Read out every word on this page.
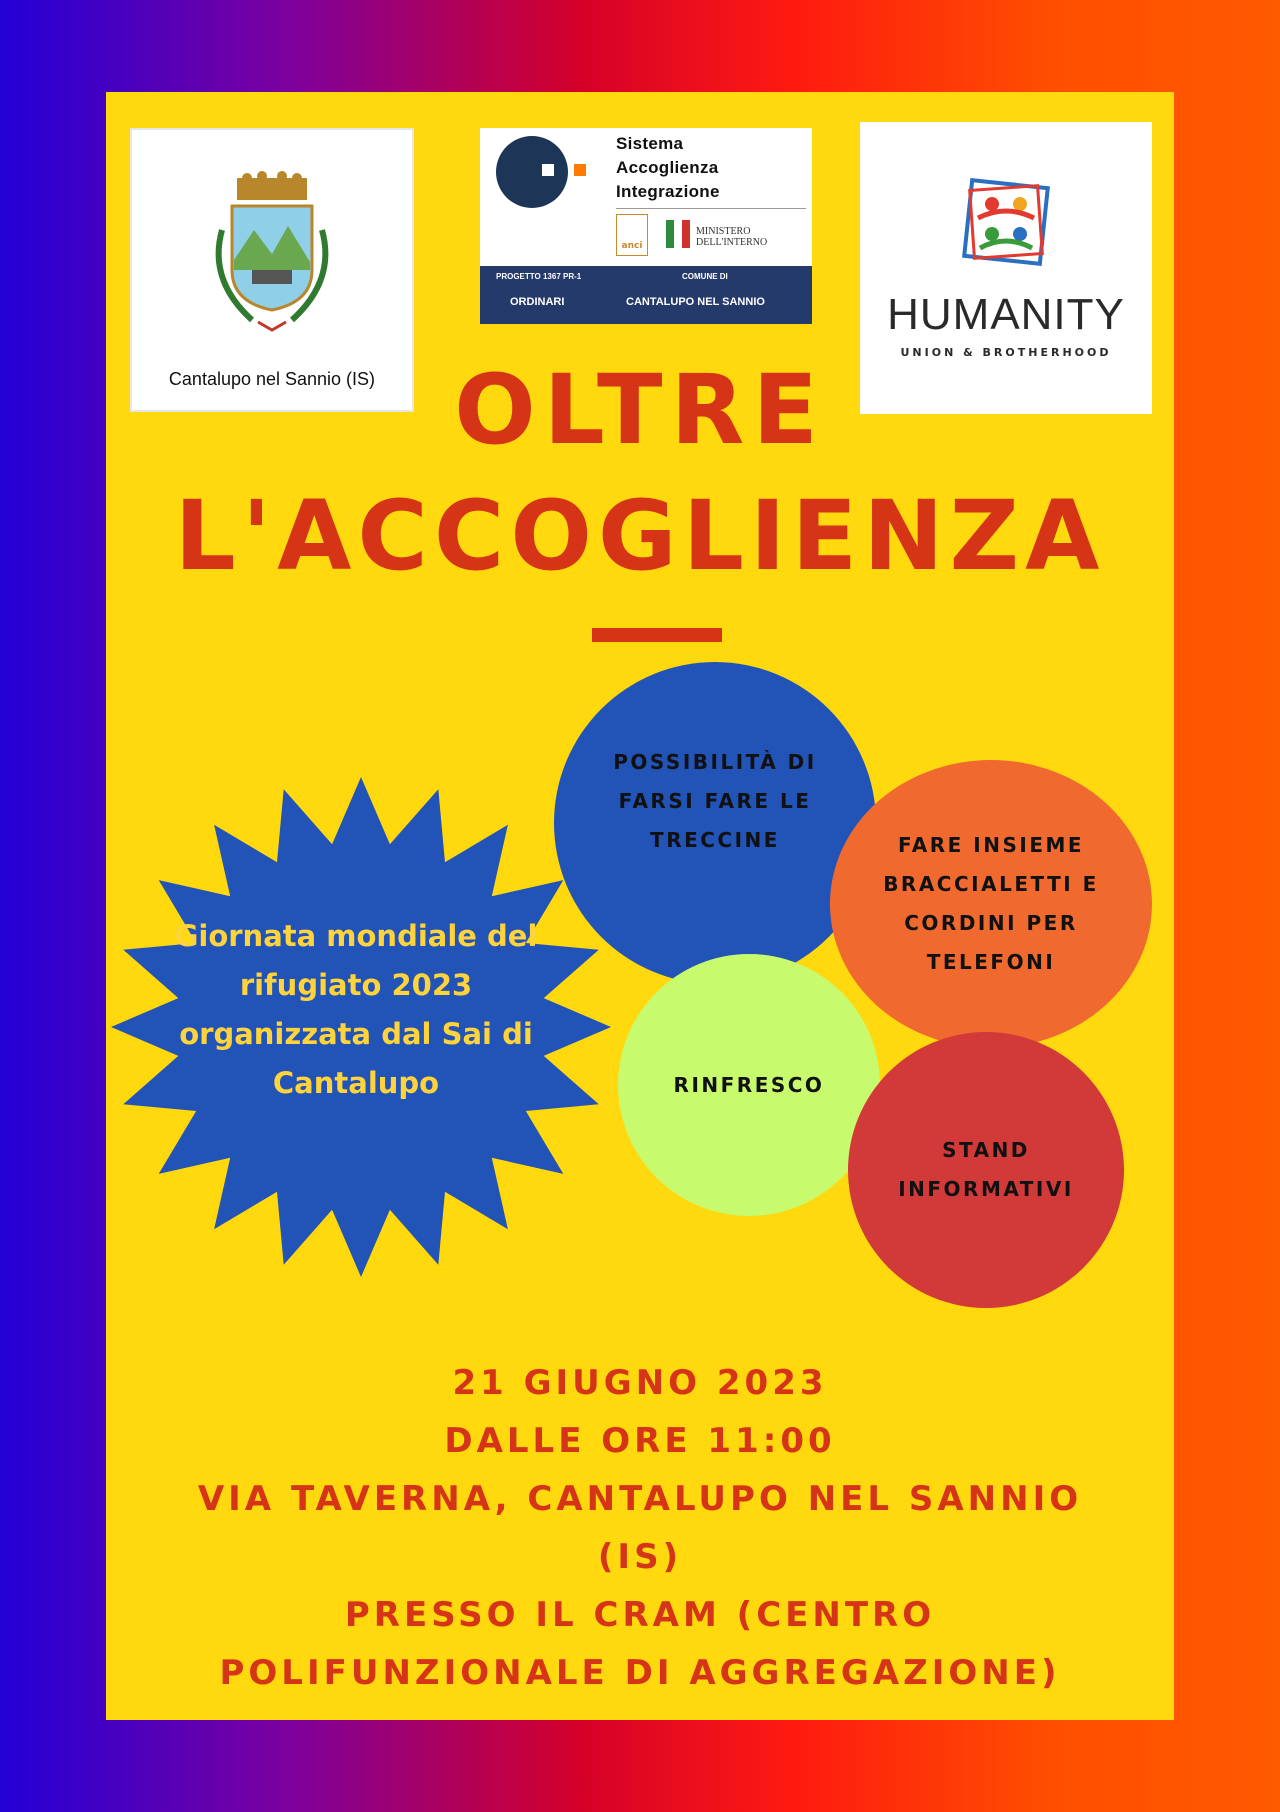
Cantalupo nel Sannio (IS)
Sistema
Accoglienza
Integrazione
anci
MINISTERO DELL'INTERNO
PROGETTO 1367 PR-1	COMUNE DI
ORDINARI	CANTALUPO NEL SANNIO	HUMANITY
UNION & BROTHERHOOD
OLTRE
L'ACCOGLIENZA
Giornata mondiale del rifugiato 2023 organizzata dal Sai di Cantalupo
POSSIBILITÀ DI FARSI FARE LE TRECCINE	FARE INSIEME BRACCIALETTI E CORDINI PER TELEFONI
RINFRESCO
STAND INFORMATIVI
21 GIUGNO 2023
DALLE ORE 11:00
VIA TAVERNA, CANTALUPO NEL SANNIO
(IS)
PRESSO IL CRAM (CENTRO
POLIFUNZIONALE DI AGGREGAZIONE)
